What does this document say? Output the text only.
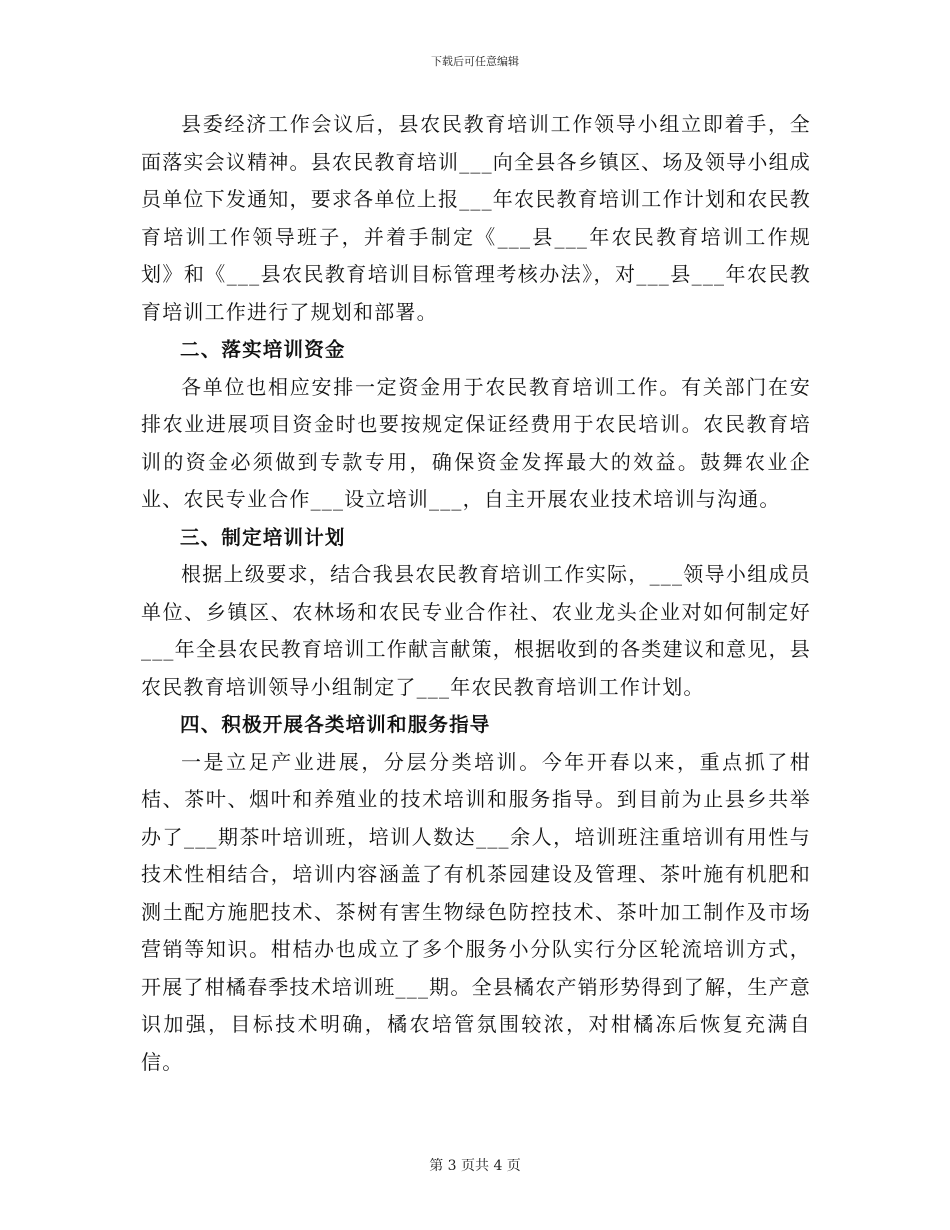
下载后可任意编辑

县委经济工作会议后，县农民教育培训工作领导小组立即着手，全面落实会议精神。县农民教育培训___向全县各乡镇区、场及领导小组成员单位下发通知，要求各单位上报___年农民教育培训工作计划和农民教育培训工作领导班子，并着手制定《___县___年农民教育培训工作规划》和《___县农民教育培训目标管理考核办法》，对___县___年农民教育培训工作进行了规划和部署。

二、落实培训资金

各单位也相应安排一定资金用于农民教育培训工作。有关部门在安排农业进展项目资金时也要按规定保证经费用于农民培训。农民教育培训的资金必须做到专款专用，确保资金发挥最大的效益。鼓舞农业企业、农民专业合作___设立培训___，自主开展农业技术培训与沟通。

三、制定培训计划

根据上级要求，结合我县农民教育培训工作实际，___领导小组成员单位、乡镇区、农林场和农民专业合作社、农业龙头企业对如何制定好___年全县农民教育培训工作献言献策，根据收到的各类建议和意见，县农民教育培训领导小组制定了___年农民教育培训工作计划。

四、积极开展各类培训和服务指导

一是立足产业进展，分层分类培训。今年开春以来，重点抓了柑桔、茶叶、烟叶和养殖业的技术培训和服务指导。到目前为止县乡共举办了___期茶叶培训班，培训人数达___余人，培训班注重培训有用性与技术性相结合，培训内容涵盖了有机茶园建设及管理、茶叶施有机肥和测土配方施肥技术、茶树有害生物绿色防控技术、茶叶加工制作及市场营销等知识。柑桔办也成立了多个服务小分队实行分区轮流培训方式，开展了柑橘春季技术培训班___期。全县橘农产销形势得到了解，生产意识加强，目标技术明确，橘农培管氛围较浓，对柑橘冻后恢复充满自信。

第 3 页共 4 页
